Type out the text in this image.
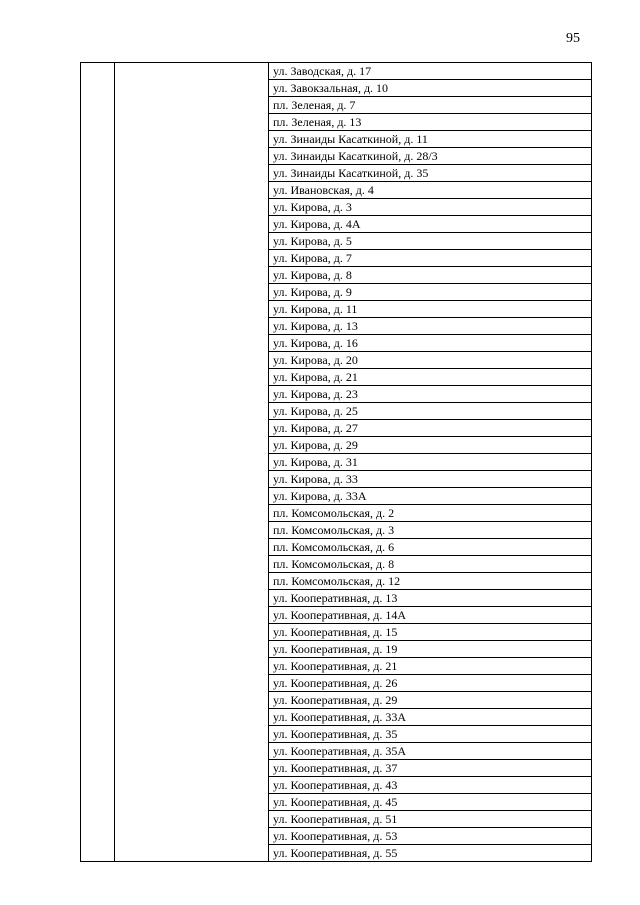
95
		ул. Заводская, д. 17
ул. Завокзальная, д. 10
пл. Зеленая, д. 7
пл. Зеленая, д. 13
ул. Зинаиды Касаткиной, д. 11
ул. Зинаиды Касаткиной, д. 28/3
ул. Зинаиды Касаткиной, д. 35
ул. Ивановская, д. 4
ул. Кирова, д. 3
ул. Кирова, д. 4А
ул. Кирова, д. 5
ул. Кирова, д. 7
ул. Кирова, д. 8
ул. Кирова, д. 9
ул. Кирова, д. 11
ул. Кирова, д. 13
ул. Кирова, д. 16
ул. Кирова, д. 20
ул. Кирова, д. 21
ул. Кирова, д. 23
ул. Кирова, д. 25
ул. Кирова, д. 27
ул. Кирова, д. 29
ул. Кирова, д. 31
ул. Кирова, д. 33
ул. Кирова, д. 33А
пл. Комсомольская, д. 2
пл. Комсомольская, д. 3
пл. Комсомольская, д. 6
пл. Комсомольская, д. 8
пл. Комсомольская, д. 12
ул. Кооперативная, д. 13
ул. Кооперативная, д. 14А
ул. Кооперативная, д. 15
ул. Кооперативная, д. 19
ул. Кооперативная, д. 21
ул. Кооперативная, д. 26
ул. Кооперативная, д. 29
ул. Кооперативная, д. 33А
ул. Кооперативная, д. 35
ул. Кооперативная, д. 35А
ул. Кооперативная, д. 37
ул. Кооперативная, д. 43
ул. Кооперативная, д. 45
ул. Кооперативная, д. 51
ул. Кооперативная, д. 53
ул. Кооперативная, д. 55
